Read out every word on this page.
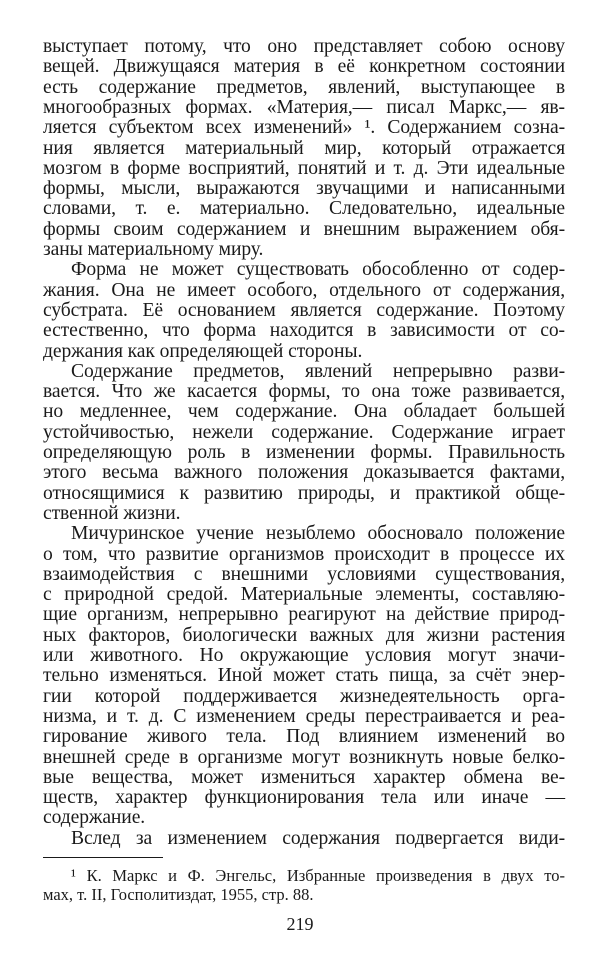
выступает потому, что оно представляет собою основу
вещей. Движущаяся материя в её конкретном состоянии
есть содержание предметов, явлений, выступающее в
многообразных формах. «Материя,— писал Маркс,— яв-
ляется субъектом всех изменений» ¹. Содержанием созна-
ния является материальный мир, который отражается
мозгом в форме восприятий, понятий и т. д. Эти идеальные
формы, мысли, выражаются звучащими и написанными
словами, т. е. материально. Следовательно, идеальные
формы своим содержанием и внешним выражением обя-
заны материальному миру.
Форма не может существовать обособленно от содер-
жания. Она не имеет особого, отдельного от содержания,
субстрата. Её основанием является содержание. Поэтому
естественно, что форма находится в зависимости от со-
держания как определяющей стороны.
Содержание предметов, явлений непрерывно разви-
вается. Что же касается формы, то она тоже развивается,
но медленнее, чем содержание. Она обладает большей
устойчивостью, нежели содержание. Содержание играет
определяющую роль в изменении формы. Правильность
этого весьма важного положения доказывается фактами,
относящимися к развитию природы, и практикой обще-
ственной жизни.
Мичуринское учение незыблемо обосновало положение
о том, что развитие организмов происходит в процессе их
взаимодействия с внешними условиями существования,
с природной средой. Материальные элементы, составляю-
щие организм, непрерывно реагируют на действие природ-
ных факторов, биологически важных для жизни растения
или животного. Но окружающие условия могут значи-
тельно изменяться. Иной может стать пища, за счёт энер-
гии которой поддерживается жизнедеятельность орга-
низма, и т. д. С изменением среды перестраивается и реа-
гирование живого тела. Под влиянием изменений во
внешней среде в организме могут возникнуть новые белко-
вые вещества, может измениться характер обмена ве-
ществ, характер функционирования тела или иначе —
содержание.
Вслед за изменением содержания подвергается види-
¹ К. Маркс и Ф. Энгельс, Избранные произведения в двух то-
мах, т. II, Госполитиздат, 1955, стр. 88.
219
